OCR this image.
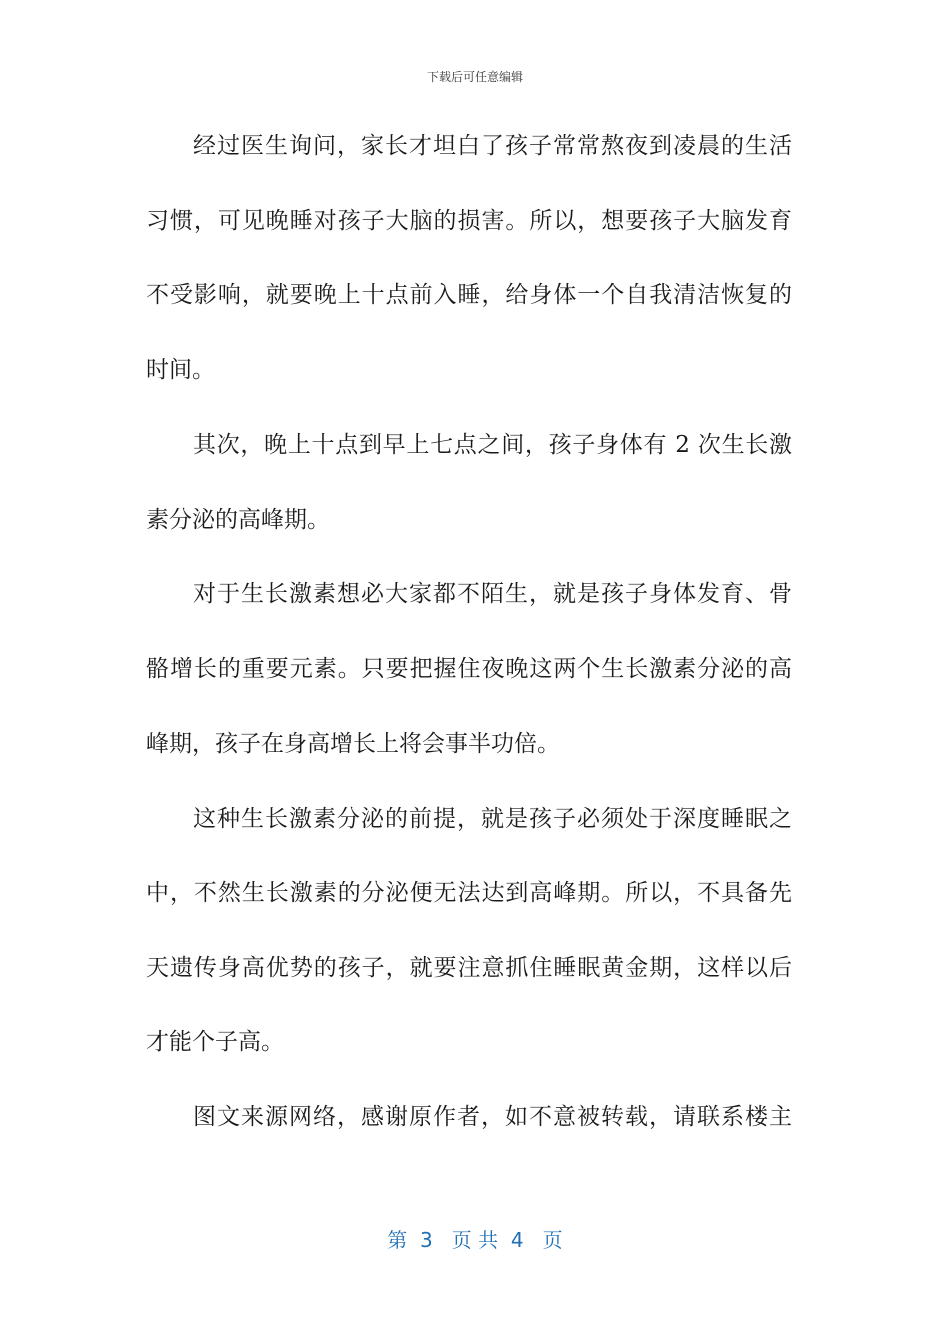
下载后可任意编辑

经过医生询问，家长才坦白了孩子常常熬夜到凌晨的生活

习惯，可见晚睡对孩子大脑的损害。所以，想要孩子大脑发育

不受影响，就要晚上十点前入睡，给身体一个自我清洁恢复的

时间。

其次，晚上十点到早上七点之间，孩子身体有 2 次生长激

素分泌的高峰期。

对于生长激素想必大家都不陌生，就是孩子身体发育、骨

骼增长的重要元素。只要把握住夜晚这两个生长激素分泌的高

峰期，孩子在身高增长上将会事半功倍。

这种生长激素分泌的前提，就是孩子必须处于深度睡眠之

中，不然生长激素的分泌便无法达到高峰期。所以，不具备先

天遗传身高优势的孩子，就要注意抓住睡眠黄金期，这样以后

才能个子高。

图文来源网络，感谢原作者，如不意被转载，请联系楼主

第  3   页 共  4   页
